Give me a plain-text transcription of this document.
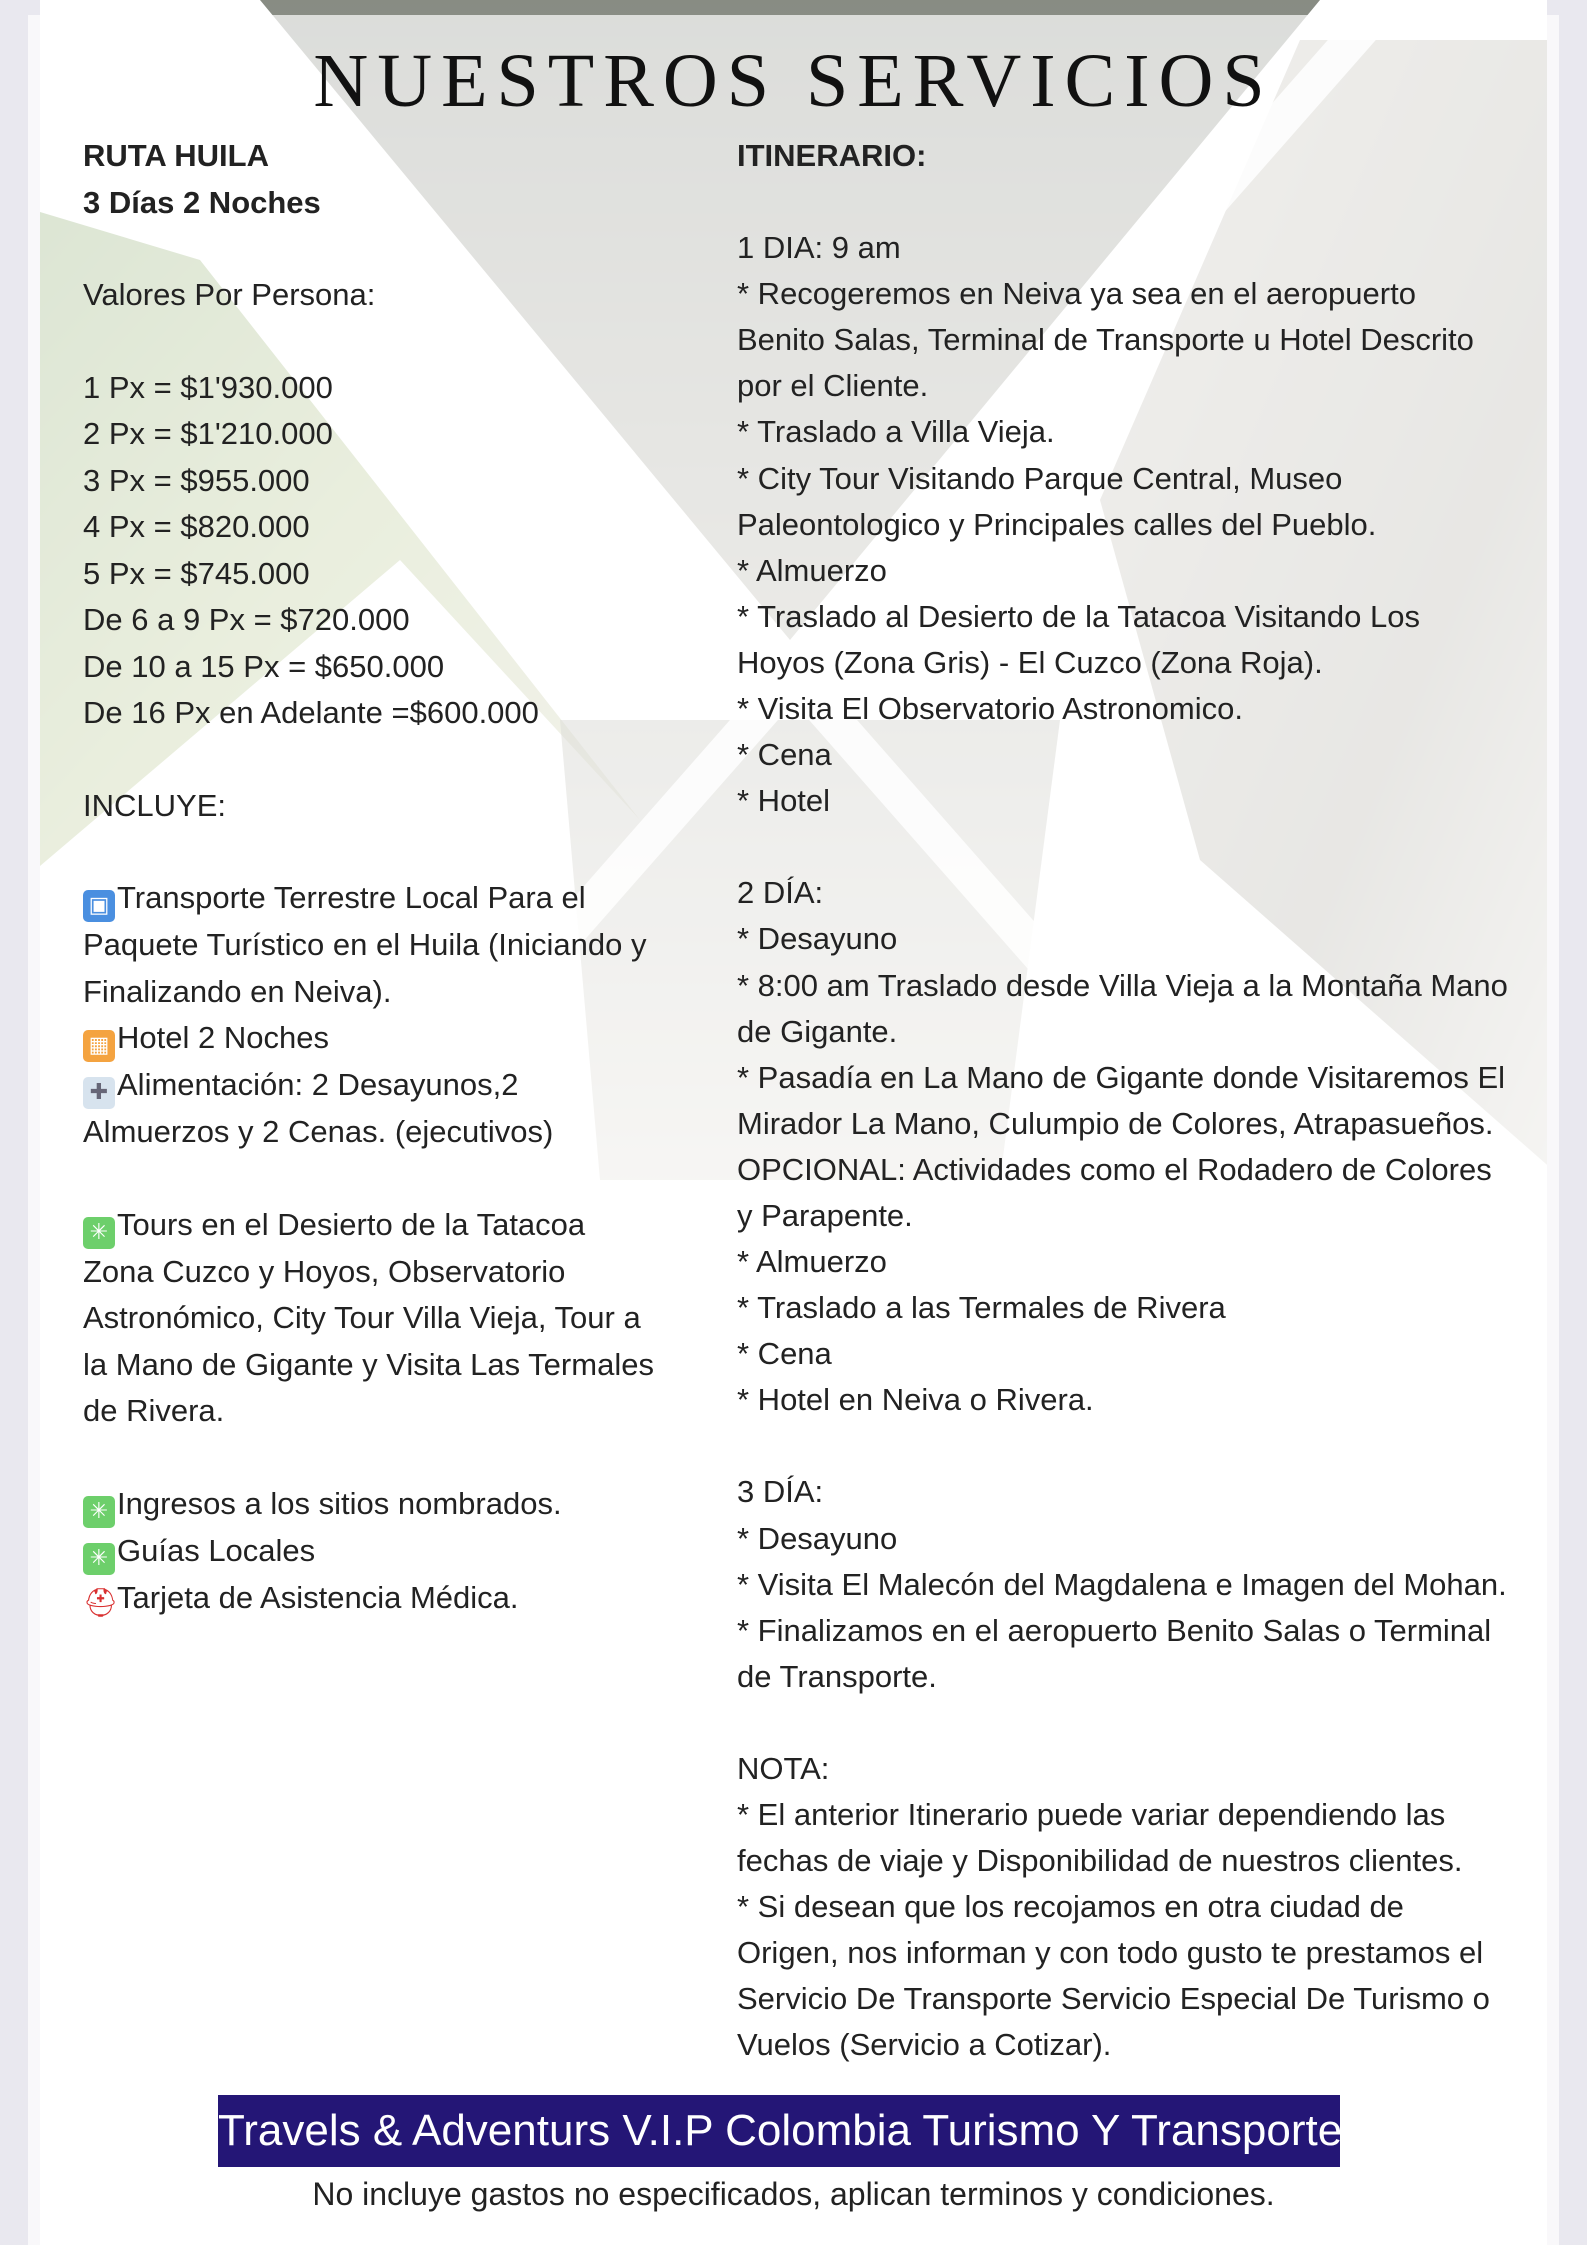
NUESTROS SERVICIOS
RUTA HUILA
3 Días 2 Noches
Valores Por Persona:
1 Px = $1'930.000
2 Px = $1'210.000
3 Px = $955.000
4 Px = $820.000
5 Px = $745.000
De 6 a 9 Px = $720.000
De 10 a 15 Px = $650.000
De 16 Px en Adelante =$600.000
INCLUYE:
▣ Transporte Terrestre Local Para el
Paquete Turístico en el Huila (Iniciando y
Finalizando en Neiva).
▦ Hotel 2 Noches
✚ Alimentación: 2 Desayunos,2
Almuerzos y 2 Cenas. (ejecutivos)
✳ Tours en el Desierto de la Tatacoa
Zona Cuzco y Hoyos, Observatorio
Astronómico, City Tour Villa Vieja, Tour a
la Mano de Gigante y Visita Las Termales
de Rivera.
✳ Ingresos a los sitios nombrados.
✳ Guías Locales
⛑Tarjeta de Asistencia Médica.
ITINERARIO:
1 DIA: 9 am
* Recogeremos en Neiva ya sea en el aeropuerto
Benito Salas, Terminal de Transporte u Hotel Descrito
por el Cliente.
* Traslado a Villa Vieja.
* City Tour Visitando Parque Central, Museo
Paleontologico y Principales calles del Pueblo.
* Almuerzo
* Traslado al Desierto de la Tatacoa Visitando Los
Hoyos (Zona Gris) - El Cuzco (Zona Roja).
* Visita El Observatorio Astronomico.
* Cena
* Hotel
2 DÍA:
* Desayuno
* 8:00 am Traslado desde Villa Vieja a la Montaña Mano
de Gigante.
* Pasadía en La Mano de Gigante donde Visitaremos El
Mirador La Mano, Culumpio de Colores, Atrapasueños.
OPCIONAL: Actividades como el Rodadero de Colores
y Parapente.
* Almuerzo
* Traslado a las Termales de Rivera
* Cena
* Hotel en Neiva o Rivera.
3 DÍA:
* Desayuno
* Visita El Malecón del Magdalena e Imagen del Mohan.
* Finalizamos en el aeropuerto Benito Salas o Terminal
de Transporte.
NOTA:
* El anterior Itinerario puede variar dependiendo las
fechas de viaje y Disponibilidad de nuestros clientes.
* Si desean que los recojamos en otra ciudad de
Origen, nos informan y con todo gusto te prestamos el
Servicio De Transporte Servicio Especial De Turismo o
Vuelos (Servicio a Cotizar).
Travels & Adventurs V.I.P Colombia Turismo Y Transporte
No incluye gastos no especificados, aplican terminos y condiciones.
